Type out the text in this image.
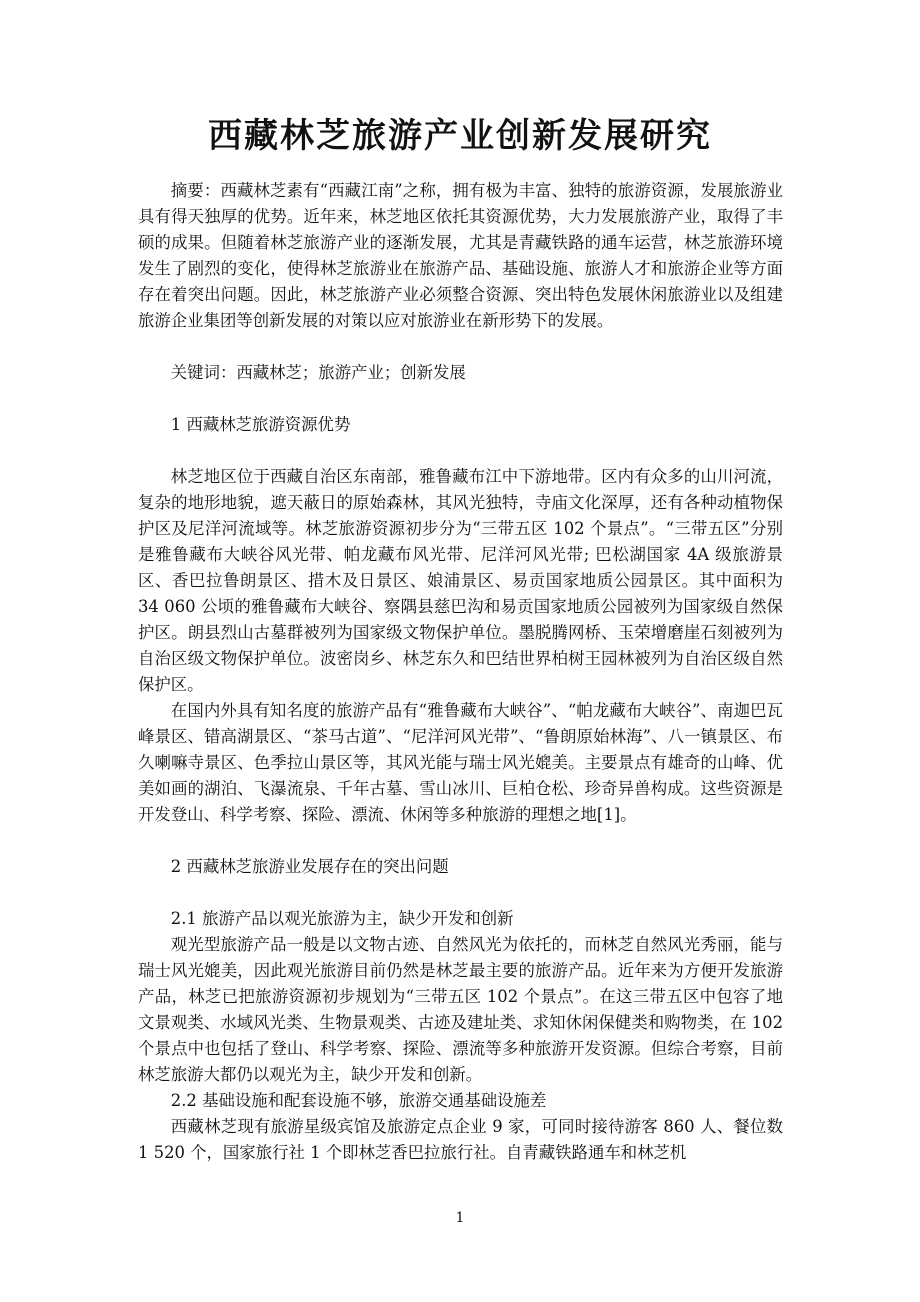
西藏林芝旅游产业创新发展研究

摘要：西藏林芝素有“西藏江南”之称，拥有极为丰富、独特的旅游资源，发展旅游业具有得天独厚的优势。近年来，林芝地区依托其资源优势，大力发展旅游产业，取得了丰硕的成果。但随着林芝旅游产业的逐渐发展，尤其是青藏铁路的通车运营，林芝旅游环境发生了剧烈的变化，使得林芝旅游业在旅游产品、基础设施、旅游人才和旅游企业等方面存在着突出问题。因此，林芝旅游产业必须整合资源、突出特色发展休闲旅游业以及组建旅游企业集团等创新发展的对策以应对旅游业在新形势下的发展。

关键词：西藏林芝；旅游产业；创新发展

1 西藏林芝旅游资源优势

林芝地区位于西藏自治区东南部，雅鲁藏布江中下游地带。区内有众多的山川河流，复杂的地形地貌，遮天蔽日的原始森林，其风光独特，寺庙文化深厚，还有各种动植物保护区及尼洋河流域等。林芝旅游资源初步分为“三带五区 102 个景点”。“三带五区”分别是雅鲁藏布大峡谷风光带、帕龙藏布风光带、尼洋河风光带; 巴松湖国家 4A 级旅游景区、香巴拉鲁朗景区、措木及日景区、娘浦景区、易贡国家地质公园景区。其中面积为 34 060 公顷的雅鲁藏布大峡谷、察隅县慈巴沟和易贡国家地质公园被列为国家级自然保护区。朗县烈山古墓群被列为国家级文物保护单位。墨脱腾网桥、玉荣增磨崖石刻被列为自治区级文物保护单位。波密岗乡、林芝东久和巴结世界柏树王园林被列为自治区级自然保护区。

在国内外具有知名度的旅游产品有“雅鲁藏布大峡谷”、“帕龙藏布大峡谷”、南迦巴瓦峰景区、错高湖景区、“茶马古道”、“尼洋河风光带”、“鲁朗原始林海”、八一镇景区、布久喇嘛寺景区、色季拉山景区等，其风光能与瑞士风光媲美。主要景点有雄奇的山峰、优美如画的湖泊、飞瀑流泉、千年古墓、雪山冰川、巨柏仓松、珍奇异兽构成。这些资源是开发登山、科学考察、探险、漂流、休闲等多种旅游的理想之地[1]。

2 西藏林芝旅游业发展存在的突出问题

2.1 旅游产品以观光旅游为主，缺少开发和创新

观光型旅游产品一般是以文物古迹、自然风光为依托的，而林芝自然风光秀丽，能与瑞士风光媲美，因此观光旅游目前仍然是林芝最主要的旅游产品。近年来为方便开发旅游产品，林芝已把旅游资源初步规划为“三带五区 102 个景点”。在这三带五区中包容了地文景观类、水域风光类、生物景观类、古迹及建址类、求知休闲保健类和购物类，在 102 个景点中也包括了登山、科学考察、探险、漂流等多种旅游开发资源。但综合考察，目前林芝旅游大都仍以观光为主，缺少开发和创新。

2.2 基础设施和配套设施不够，旅游交通基础设施差

西藏林芝现有旅游星级宾馆及旅游定点企业 9 家，可同时接待游客 860 人、餐位数 1 520 个，国家旅行社 1 个即林芝香巴拉旅行社。自青藏铁路通车和林芝机

1
